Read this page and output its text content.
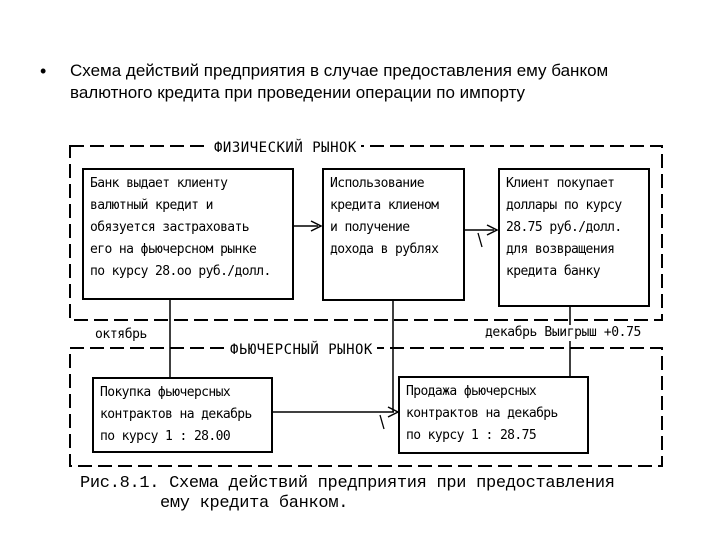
•	Схема действий предприятия в случае предоставления ему банком валютного кредита при проведении операции по импорту
ФИЗИЧЕСКИЙ РЫНОК
ФЬЮЧЕРСНЫЙ РЫНОК
Банк выдает клиенту
валютный кредит и
обязуется застраховать
его на фьючерсном рынке
по курсу 28.оо руб./долл.
Использование
кредита клиеном
и получение
дохода в рублях
Клиент покупает
доллары по курсу
28.75 руб./долл.
для возвращения
кредита банку
октябрь	декабрь Выигрыш +0.75
Покупка фьючерсных
контрактов на декабрь
по курсу 1 : 28.00
Продажа фьючерсных
контрактов на декабрь
по курсу 1 : 28.75
Рис.8.1. Схема действий предприятия при предоставления
ему кредита банком.
